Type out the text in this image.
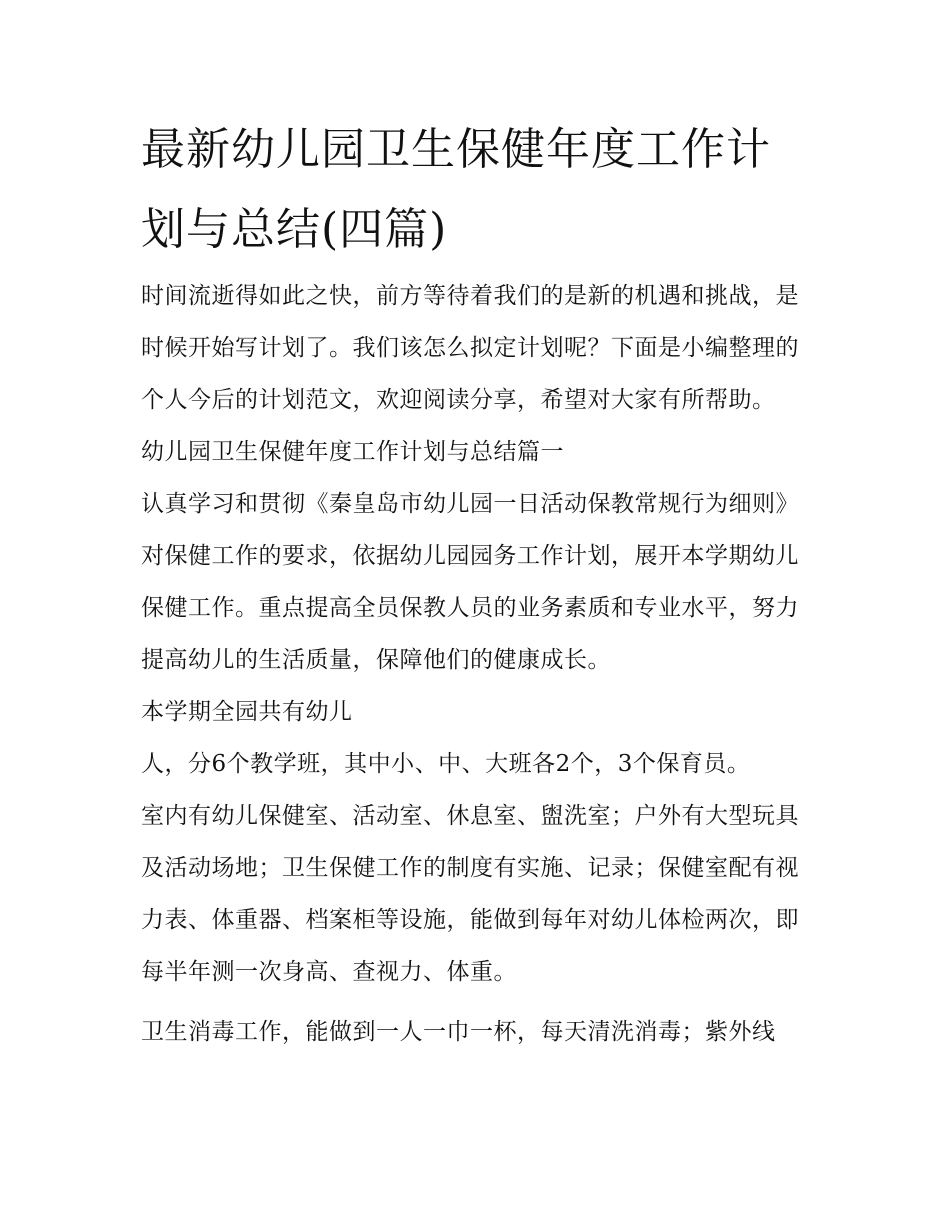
最新幼儿园卫生保健年度工作计划与总结(四篇)

时间流逝得如此之快，前方等待着我们的是新的机遇和挑战，是时候开始写计划了。我们该怎么拟定计划呢？下面是小编整理的个人今后的计划范文，欢迎阅读分享，希望对大家有所帮助。

幼儿园卫生保健年度工作计划与总结篇一

认真学习和贯彻《秦皇岛市幼儿园一日活动保教常规行为细则》对保健工作的要求，依据幼儿园园务工作计划，展开本学期幼儿保健工作。重点提高全员保教人员的业务素质和专业水平，努力提高幼儿的生活质量，保障他们的健康成长。

本学期全园共有幼儿

人，分6个教学班，其中小、中、大班各2个，3个保育员。

室内有幼儿保健室、活动室、休息室、盥洗室；户外有大型玩具及活动场地；卫生保健工作的制度有实施、记录；保健室配有视力表、体重器、档案柜等设施，能做到每年对幼儿体检两次，即每半年测一次身高、查视力、体重。

卫生消毒工作，能做到一人一巾一杯，每天清洗消毒；紫外线
